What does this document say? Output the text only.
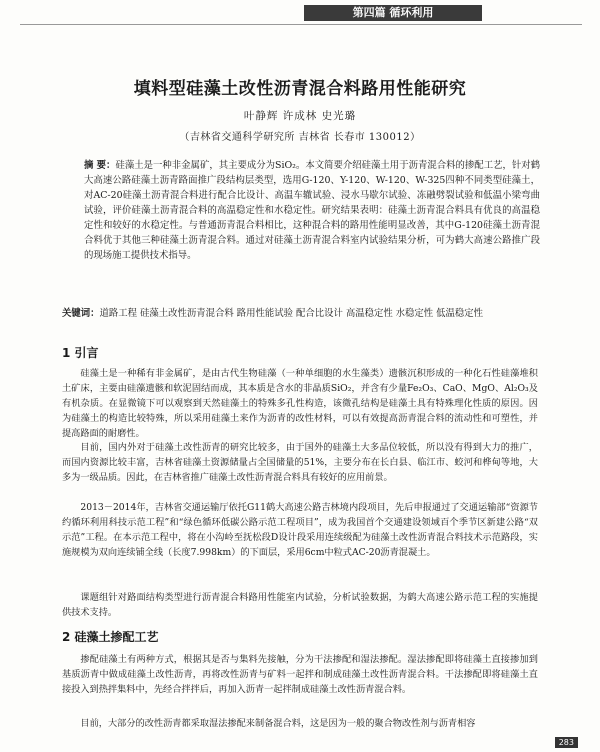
第四篇 循环利用
填料型硅藻土改性沥青混合料路用性能研究
叶静辉 许成林 史光璐
（吉林省交通科学研究所 吉林省 长春市 130012）
摘 要：硅藻土是一种非金属矿，其主要成分为SiO₂。本文简要介绍硅藻土用于沥青混合料的掺配工艺，针对鹤大高速公路硅藻土沥青路面推广段结构层类型，选用G-120、Y-120、W-120、W-325四种不同类型硅藻土，对AC-20硅藻土沥青混合料进行配合比设计、高温车辙试验、浸水马歇尔试验、冻融劈裂试验和低温小梁弯曲试验，评价硅藻土沥青混合料的高温稳定性和水稳定性。研究结果表明：硅藻土沥青混合料具有优良的高温稳定性和较好的水稳定性。与普通沥青混合料相比，这种混合料的路用性能明显改善，其中G-120硅藻土沥青混合料优于其他三种硅藻土沥青混合料。通过对硅藻土沥青混合料室内试验结果分析，可为鹤大高速公路推广段的现场施工提供技术指导。
关键词：道路工程 硅藻土改性沥青混合料 路用性能试验 配合比设计 高温稳定性 水稳定性 低温稳定性
1 引言
硅藻土是一种稀有非金属矿，是由古代生物硅藻（一种单细胞的水生藻类）遗骸沉积形成的一种化石性硅藻堆积土矿床，主要由硅藻遗骸和软泥固结而成，其本质是含水的非晶质SiO₂，并含有少量Fe₂O₃、CaO、MgO、Al₂O₃及有机杂质。在显微镜下可以观察到天然硅藻土的特殊多孔性构造，该微孔结构是硅藻土具有特殊理化性质的原因。因为硅藻土的构造比较特殊，所以采用硅藻土来作为沥青的改性材料，可以有效提高沥青混合料的流动性和可塑性，并提高路面的耐磨性。
目前，国内外对于硅藻土改性沥青的研究比较多，由于国外的硅藻土大多品位较低，所以没有得到大力的推广，而国内资源比较丰富，吉林省硅藻土资源储量占全国储量的51%，主要分布在长白县、临江市、蛟河和桦甸等地，大多为一级品质。因此，在吉林省推广硅藻土改性沥青混合料具有较好的应用前景。
2013－2014年，吉林省交通运输厅依托G11鹤大高速公路吉林境内段项目，先后申报通过了交通运输部“资源节约循环利用科技示范工程”和“绿色循环低碳公路示范工程项目”，成为我国首个交通建设领域百个季节区新建公路“双示范”工程。在本示范工程中，将在小沟岭至抚松段D设计段采用连续级配为硅藻土改性沥青混合料技术示范路段，实施规模为双向连续铺全线（长度7.998km）的下面层，采用6cm中粒式AC-20沥青混凝土。
课题组针对路面结构类型进行沥青混合料路用性能室内试验，分析试验数据，为鹤大高速公路示范工程的实施提供技术支持。
2 硅藻土掺配工艺
掺配硅藻土有两种方式，根据其是否与集料先接触，分为干法掺配和湿法掺配。湿法掺配即将硅藻土直接掺加到基质沥青中做成硅藻土改性沥青，再将改性沥青与矿料一起拌和制成硅藻土改性沥青混合料。干法掺配即将硅藻土直接投入到热拌集料中，先经合拌拌后，再加入沥青一起拌制成硅藻土改性沥青混合料。
目前，大部分的改性沥青都采取湿法掺配来制备混合料，这是因为一般的聚合物改性剂与沥青相容
283
